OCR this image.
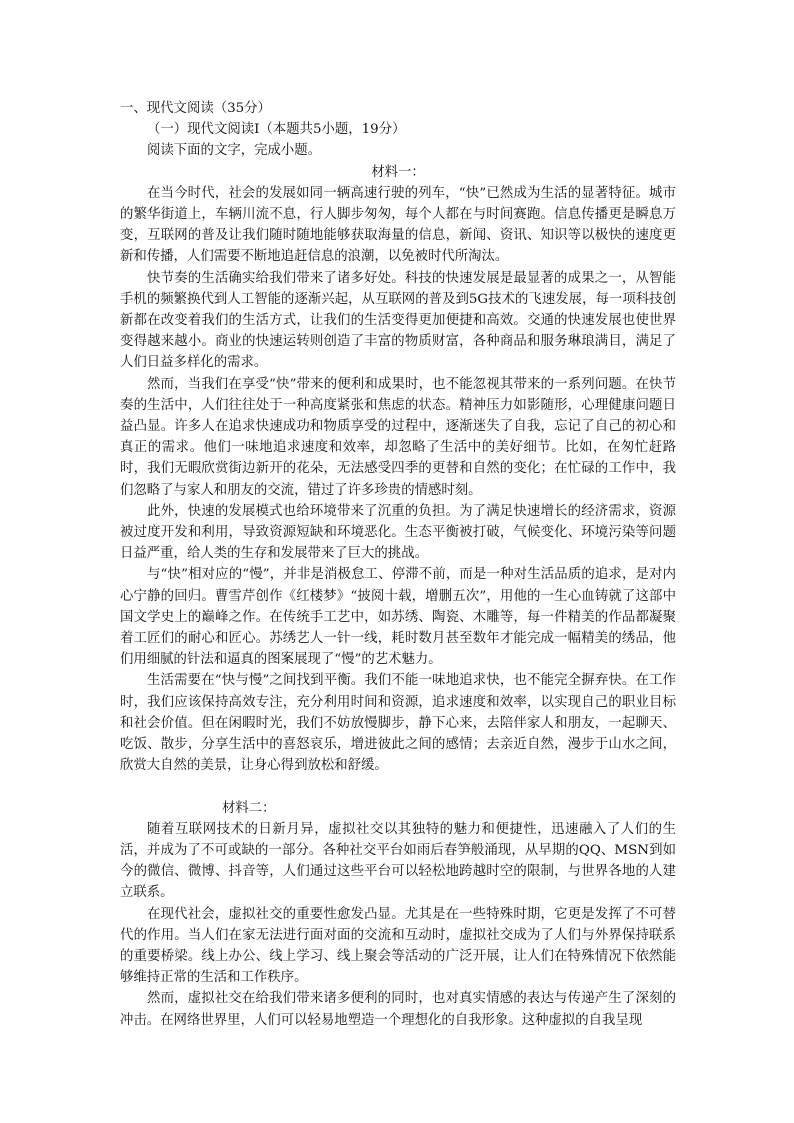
一、现代文阅读（35分）
（一）现代文阅读Ⅰ（本题共5小题，19分）
阅读下面的文字，完成小题。
材料一：

在当今时代，社会的发展如同一辆高速行驶的列车，“快”已然成为生活的显著特征。城市的繁华街道上，车辆川流不息，行人脚步匆匆，每个人都在与时间赛跑。信息传播更是瞬息万变，互联网的普及让我们随时随地能够获取海量的信息，新闻、资讯、知识等以极快的速度更新和传播，人们需要不断地追赶信息的浪潮，以免被时代所淘汰。

快节奏的生活确实给我们带来了诸多好处。科技的快速发展是最显著的成果之一，从智能手机的频繁换代到人工智能的逐渐兴起，从互联网的普及到5G技术的飞速发展，每一项科技创新都在改变着我们的生活方式，让我们的生活变得更加便捷和高效。交通的快速发展也使世界变得越来越小。商业的快速运转则创造了丰富的物质财富，各种商品和服务琳琅满目，满足了人们日益多样化的需求。

然而，当我们在享受“快”带来的便利和成果时，也不能忽视其带来的一系列问题。在快节奏的生活中，人们往往处于一种高度紧张和焦虑的状态。精神压力如影随形，心理健康问题日益凸显。许多人在追求快速成功和物质享受的过程中，逐渐迷失了自我，忘记了自己的初心和真正的需求。他们一味地追求速度和效率，却忽略了生活中的美好细节。比如，在匆忙赶路时，我们无暇欣赏街边新开的花朵，无法感受四季的更替和自然的变化；在忙碌的工作中，我们忽略了与家人和朋友的交流，错过了许多珍贵的情感时刻。

此外，快速的发展模式也给环境带来了沉重的负担。为了满足快速增长的经济需求，资源被过度开发和利用，导致资源短缺和环境恶化。生态平衡被打破，气候变化、环境污染等问题日益严重，给人类的生存和发展带来了巨大的挑战。

与“快”相对应的“慢”，并非是消极怠工、停滞不前，而是一种对生活品质的追求，是对内心宁静的回归。曹雪芹创作《红楼梦》“披阅十载，增删五次”，用他的一生心血铸就了这部中国文学史上的巅峰之作。在传统手工艺中，如苏绣、陶瓷、木雕等，每一件精美的作品都凝聚着工匠们的耐心和匠心。苏绣艺人一针一线，耗时数月甚至数年才能完成一幅精美的绣品，他们用细腻的针法和逼真的图案展现了“慢”的艺术魅力。

生活需要在“快与慢”之间找到平衡。我们不能一味地追求快，也不能完全摒弃快。在工作时，我们应该保持高效专注，充分利用时间和资源，追求速度和效率，以实现自己的职业目标和社会价值。但在闲暇时光，我们不妨放慢脚步，静下心来，去陪伴家人和朋友，一起聊天、吃饭、散步，分享生活中的喜怒哀乐，增进彼此之间的感情；去亲近自然，漫步于山水之间，欣赏大自然的美景，让身心得到放松和舒缓。

材料二：

随着互联网技术的日新月异，虚拟社交以其独特的魅力和便捷性，迅速融入了人们的生活，并成为了不可或缺的一部分。各种社交平台如雨后春笋般涌现，从早期的QQ、MSN到如今的微信、微博、抖音等，人们通过这些平台可以轻松地跨越时空的限制，与世界各地的人建立联系。

在现代社会，虚拟社交的重要性愈发凸显。尤其是在一些特殊时期，它更是发挥了不可替代的作用。当人们在家无法进行面对面的交流和互动时，虚拟社交成为了人们与外界保持联系的重要桥梁。线上办公、线上学习、线上聚会等活动的广泛开展，让人们在特殊情况下依然能够维持正常的生活和工作秩序。

然而，虚拟社交在给我们带来诸多便利的同时，也对真实情感的表达与传递产生了深刻的冲击。在网络世界里，人们可以轻易地塑造一个理想化的自我形象。这种虚拟的自我呈现
